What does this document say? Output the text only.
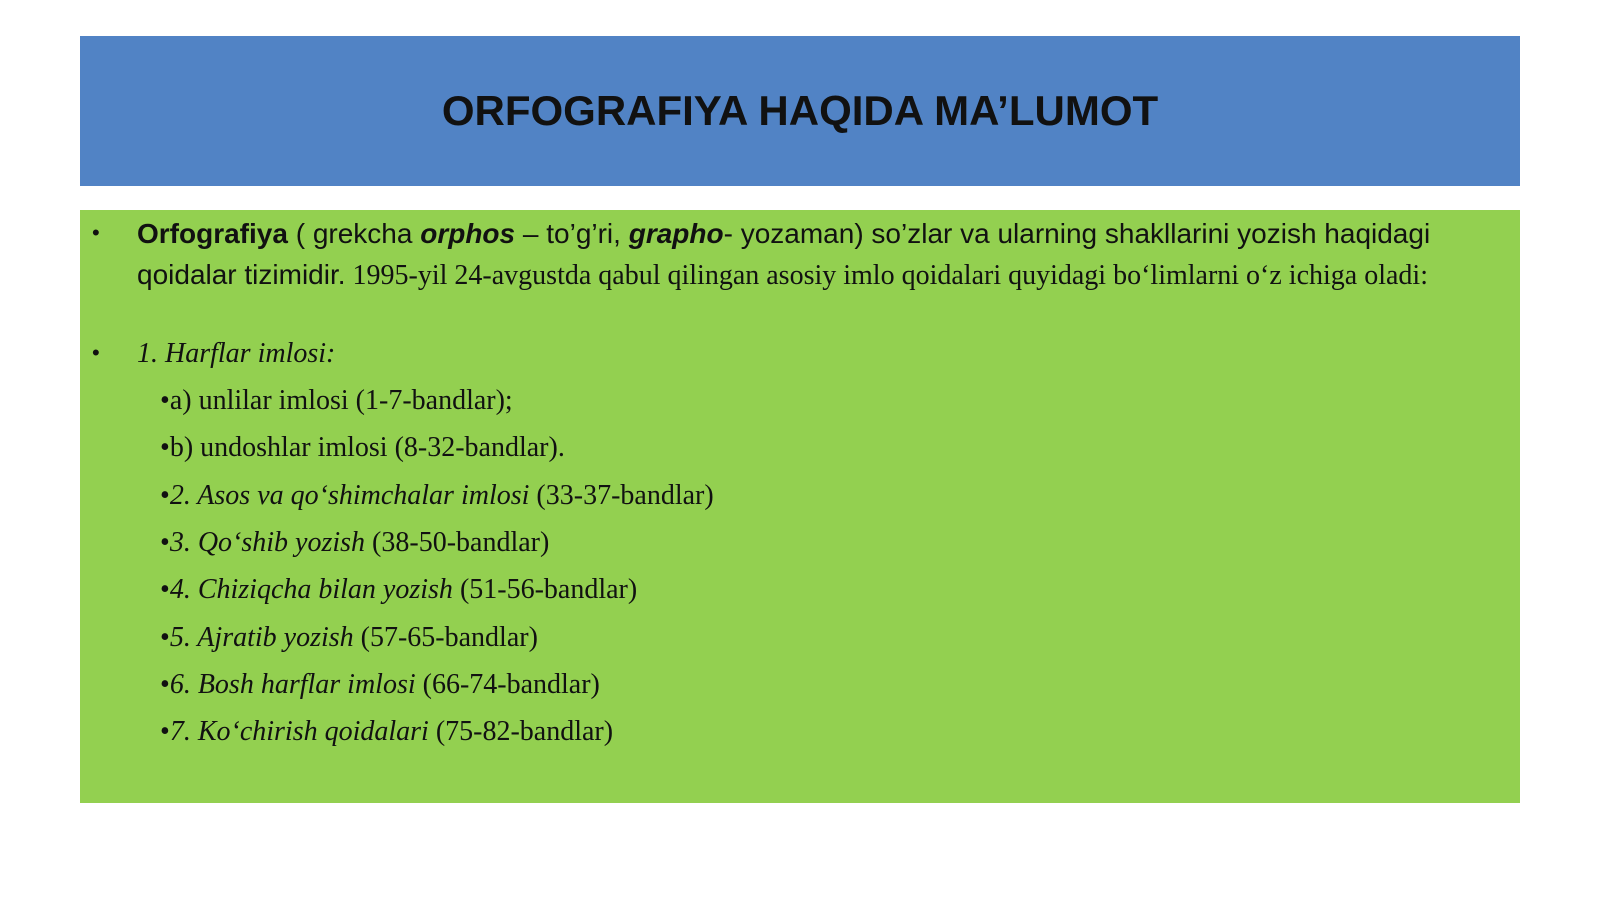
ORFOGRAFIYA HAQIDA MA’LUMOT
• Orfografiya ( grekcha orphos – to’g’ri, grapho- yozaman) so’zlar va ularning shakllarini yozish haqidagi qoidalar tizimidir. 1995-yil 24-avgustda qabul qilingan asosiy imlo qoidalari quyidagi bo‘limlarni o‘z ichiga oladi:
• 1. Harflar imlosi:
•a) unlilar imlosi (1-7-bandlar);
•b) undoshlar imlosi (8-32-bandlar).
•2. Asos va qo‘shimchalar imlosi (33-37-bandlar)
•3. Qo‘shib yozish (38-50-bandlar)
•4. Chiziqcha bilan yozish (51-56-bandlar)
•5. Ajratib yozish (57-65-bandlar)
•6. Bosh harflar imlosi (66-74-bandlar)
•7. Ko‘chirish qoidalari (75-82-bandlar)
